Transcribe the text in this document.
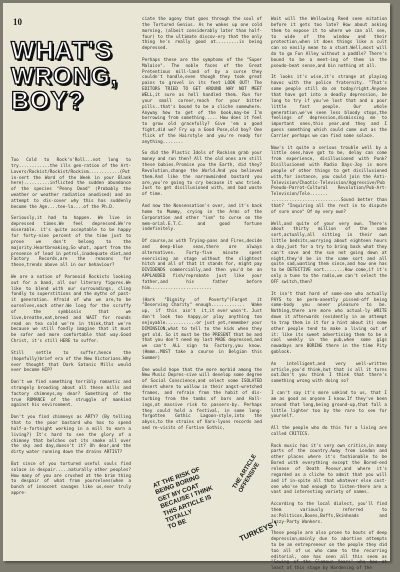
10
WHAT'S
WRONG,
BOY?
Too Cold to Rock'n'Roll...not long to try............the ills gen-ration of the Art-Lovers/Rockist/Rockist/Rockism............(Put in-sert the Word of the Week in your Blank here)..........inflicted the sudden abundance of the species "Penny Dead" (Probably the weather or weather radiation anodised) and an attempt to dis-cover why this has suddenly become the Age....tee-la....of the Ph.D.

Seriously,it had to happen. We live in depressed times.We feel depressed.We're miserable. it's quite acceptable to be happy for forty-nine percent of the time just to prove we don't belong to the majority.Heartbreaking,So what, apart from the presence of lead in petrol,inadequate diet,and Factory Records,are the reasons for these,trends above all in our behaviour?

We are a nation of Paranoid Rockists looking out for a band, all our literary figures.We like to blend with our surroundings, cling fondly to superstitions and the myths of past-it generation. Afraid of who we are,to be ourselves,each other.We long for the scruffy of the symbiosis that we live,breathe,eat,breed and WAIT for rounds read on tea cold we're in think,that we're because we still fondly imagine that it must be safer and more comfortable that way.Good Christ, it's still HERE to suffer.

Still settle to suffer,hence the (hopefully)brief era of the New Victorians.Why ever thought that Dark Satanic Mills would ever become HIP?

Don't we find something terribly romantic and strangely brooding about all these mills and factory chimneys,my dear? Something of the true ROMANCE of the struggle of mankind against his environment.

Don't you find chimneys as ARTY? (By telling that to the poor bastard who has to spend half-a-fortnight working in a mill to earn a living?) It's hard to see the glory of a chimney that belches out its smoke all over the sky and day,doesn't it? Oh dear,and the dirty water running down the drains ARTIST?

But since of you tortured useful souls find solace in despair.....naturally other peoples?  How many of you are crushed at the brim thing to despair of what from yourselves(when a bunch of innocent savages like us,ever truly appre-
ciate the agony that goes through the soul of the Tortured Genius. As he wakes up one cold morning, (albeit considerably later than half-four) to the ultimate discov-ery that the only thing he's really good at.........is being depressed.

Perhaps these are the symptoms of the "Super Malaise". The noble faces of the Great Pretentious mill-land of by a curse they couldn't handle,even though they took great pains to grovel in its feet LOOK OUT! The EDITORS TRIED TO GET AROUND WHY NOT MEET WELL,it sure as hell handled them. Run for your small corner,reach for your bitter pills..that's bound to be a cliche somewhere. Anyway how to get of the book,may-be I'm borrowing from something..... How does it feel to grow old gracefully? Give 'em a good fight,did we? Fry up a Good Pose,old boy? One flick of the Hairstyle and you're ready for anything........

So did the Plastic Idols of Rockism grab your money and run then? All the old ones are still these babies.Promise you the Earth, did they? Revolution,change the World.And you believed them.And like the narrowminded bastard you are,you're going to cry because it was tried. Just to get disillusioned with, and bad waste of time.

And now the Nonsensation's over, and it's back home to Mummy, crying in the Arms of the Corporation and other "ism" to curse on the mem-orial.E.T.C. and good fortune indefinitely.

Of course,as with Trying-pans and Fires,decide and deep-blue seas,there are always alternatives. Forty-five minute spent exercising an stage without the slightest hitch and all of that it stands for, might pay DIVIDENDS commercially,and then you'd be an APPLAUDED fish/reprobate just like your father,and his father before him........................

(Hark "Dignity of Poverty")Forget it "Deserving Charity" enough.............  Wake up,  if  this  ain't  it,it ever wasn't. Just don't look too happy,or play anything too enjoyable............or just yet,remember your DIMINSION,what to tell to the kids when they get old. So it must be the PRESENT that be and that you don't need my last MADE depressed,and we can't ALL sign to Factory,you know.(Hmmm..MUST take a course in Belgian this Summer)

One would hope that the more morbid among the New Music Depres-sive will develop some degree of Social Conscience,and select some ISOLATED desert where to wallow in their angst-wretched frames, and refrain from the habit of dis-turbing from the tombs of bars and Hall-ings,at massive risk to passers-by. Perhaps they could hold a festival, in some long-forgotten Gothic Lagoon-style,into the abyss,to the strains of Varx-lyons records and and re-visits of Furtive Gothic,
Wait will the Wellowing Reed seen mitation before it gets too late? How about asking them to expose it to where we can all see, to wide of the window and their protection,when it does things like a cult can so easily mean to a stunt.Well,most will do to go Fun Alley without a paddle? There's bound to be a meet-ing of them in the pseudo-beat sense,and bin nothing at all.

It looks it's wise,it's strange at playing havoc with the police fraternity. "That's some people still do on today/right.Anyone that have got into a deadly depression, be long to try if you've lost that and a poor little fast people. Our whole generation,we've seen less bloody stops,the feelings of depression,dismissing me to important ones,this year,and they and I guess something which could come out as the Carrier perhaps we can find some solace.

Now's it quite a serious trouble well by a little ones,have got to be, delay can come from experience, disillusioned with Punk? Disillusioned with Radio Days-Joy is more people of other things to get disillusioned with,for instance, you could join the Anti-Television/Chaotic-Television/Aggressive/Pub Pseudo-Parrot-Cultural Revolution/Pub-Art-Television/Tele.......  ...........................Sound better than that? "Inquiring all the rest in to dispute of sure once" Of my very own?

Well,and quite of your very own. There's about thirty million of the same sort,actually,all sitting in their own little bedsits,worrying about eighteen hours a day,just for a try to bring back what they can't save and the sun not going down at night,they'd be in the same sort and all quite sad,wanting them since,and how one has to be DETECTIVE sort........How come,if it's only a tune to the radio,we can't select the OFF switch,then?

It isn't that hard of some-one who actually PAYS to be perm-anently pissed-off being some-body you never pleasure to be. Nothing,there are more who actual-ly WRITE down it afterwards (evidently in an attempt to trap them in it for a hint about it) some other people tend to make a living out of it: like its sweet advertising them to be a cool weekly in the pub,when some gigs nowadays are BORING there in the time Pity goblock.

An intelligent,and very well-written article,you'd think,but that is all it turns out.Don't you think I think that there's something wrong with doing so?

I can't say it's more unkind to us, that I am as good as anyone I know.If they've been around that long,being ground-up,that fall a little lighter too by the rare to see for yourself.

All the people who do this for a living are called CRITICS.

Rock music has it's very own critics,in many parts of the country.Away from London and other places where it's fashionable to be Bored with everything except the Bored-end release of Death Poseur,and where it's regarded as a cliche to admit that you will and if in-spite all that whatever else cost-one who'se had enough to listen-there are a vast and interesting variety of names.

According to the local dialect, you'll find them variously referred to as:Politicos,Boxes,Boffs,Skinheads and Jazzy-Party Wankers.

These people are also prone to bouts of deep depression,mainly due to abortive attempts to be an entrepreneur on the people they did too all of us who came to the recurring editorial, one has seen all this seem as "Sewing of the Glamour Years" who has at least at this stage by Hardening of the
AT THE RISK OF
BEING BORING
GET MY COAT
BECAUSE I THINK
THIS ARTICLE IS
TOTALLY
TO BE
THE ARTICLE
OFFENSIVE
TURKEYS !
